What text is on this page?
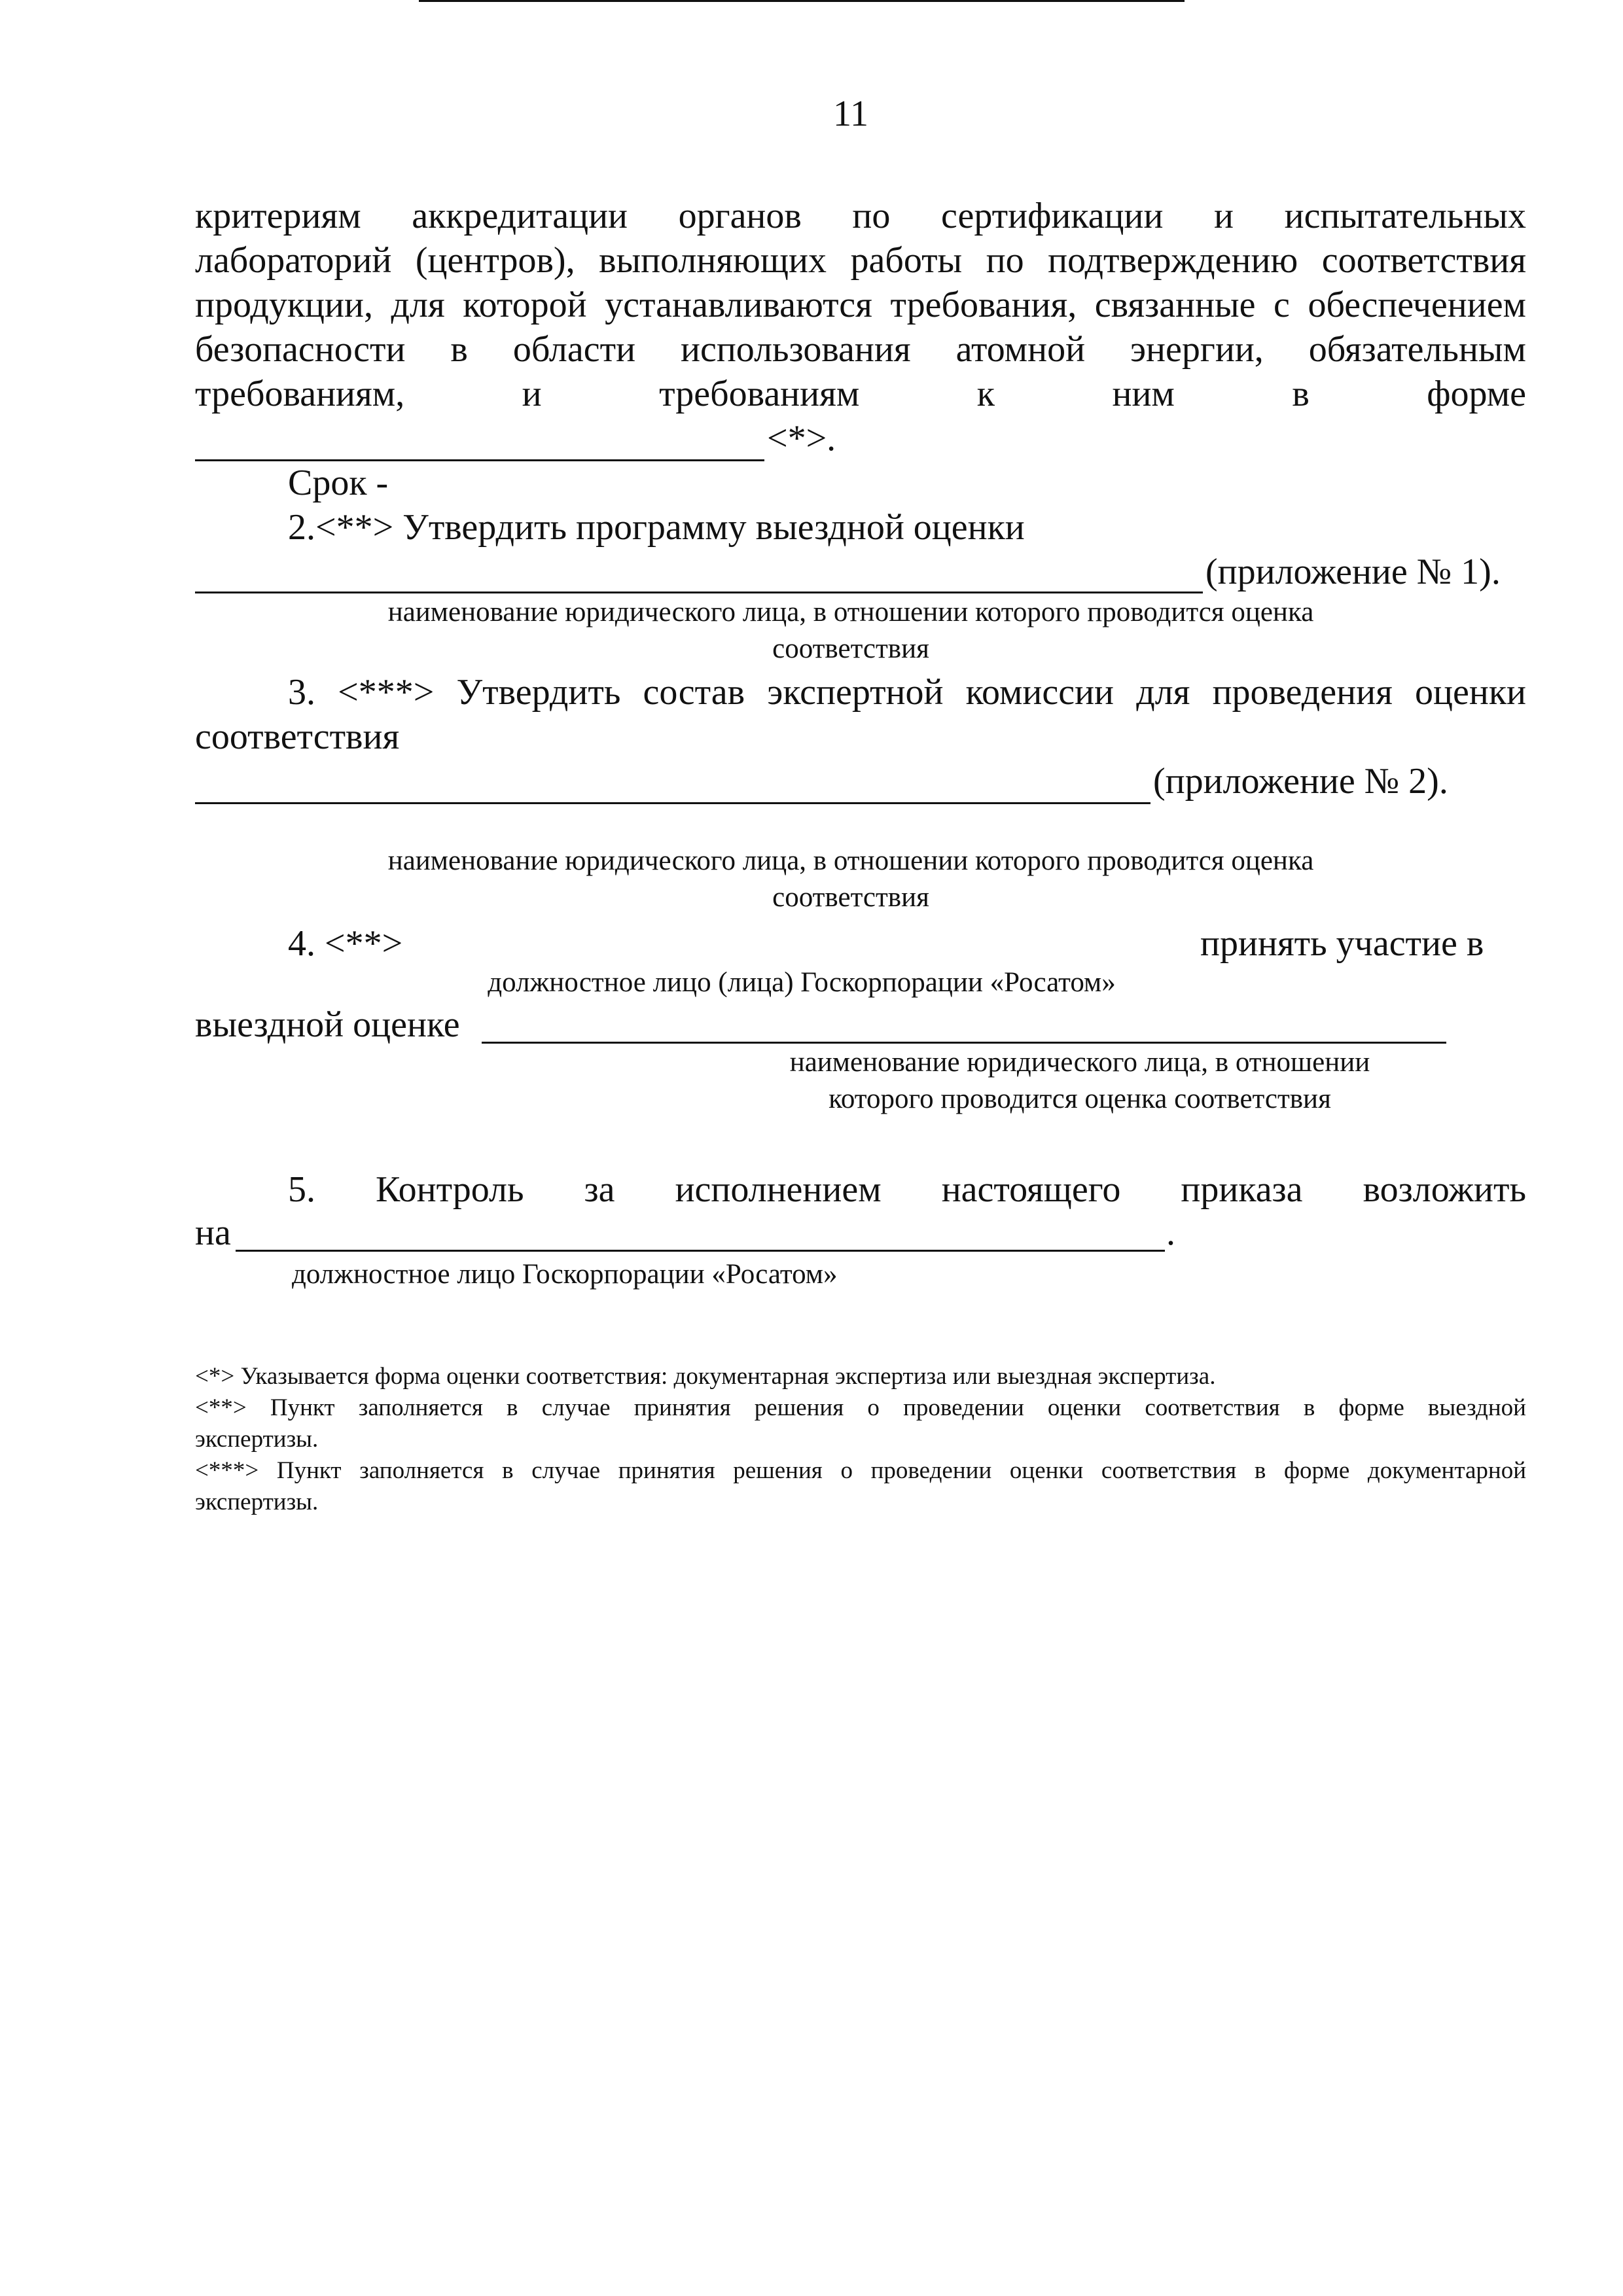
11
критериям аккредитации органов по сертификации и испытательных
лабораторий (центров), выполняющих работы по подтверждению соответствия
продукции, для которой устанавливаются требования, связанные с обеспечением
безопасности в области использования атомной энергии, обязательным
требованиям, и требованиям к ним в форме
<*>.
Срок -
2.<**> Утвердить программу выездной оценки
(приложение № 1).
наименование юридического лица, в отношении которого проводится оценка
соответствия
3. <***> Утвердить состав экспертной комиссии для проведения оценки
соответствия
(приложение № 2).
наименование юридического лица, в отношении которого проводится оценка
соответствия
4. <**>	принять участие в
должностное лицо (лица) Госкорпорации «Росатом»
выездной оценке
наименование юридического лица, в отношении
которого проводится оценка соответствия
5. Контроль за исполнением настоящего приказа возложить
на	.
должностное лицо Госкорпорации «Росатом»
<*> Указывается форма оценки соответствия: документарная экспертиза или выездная экспертиза.
<**> Пункт заполняется в случае принятия решения о проведении оценки соответствия в форме выездной
экспертизы.
<***> Пункт заполняется в случае принятия решения о проведении оценки соответствия в форме документарной
экспертизы.
